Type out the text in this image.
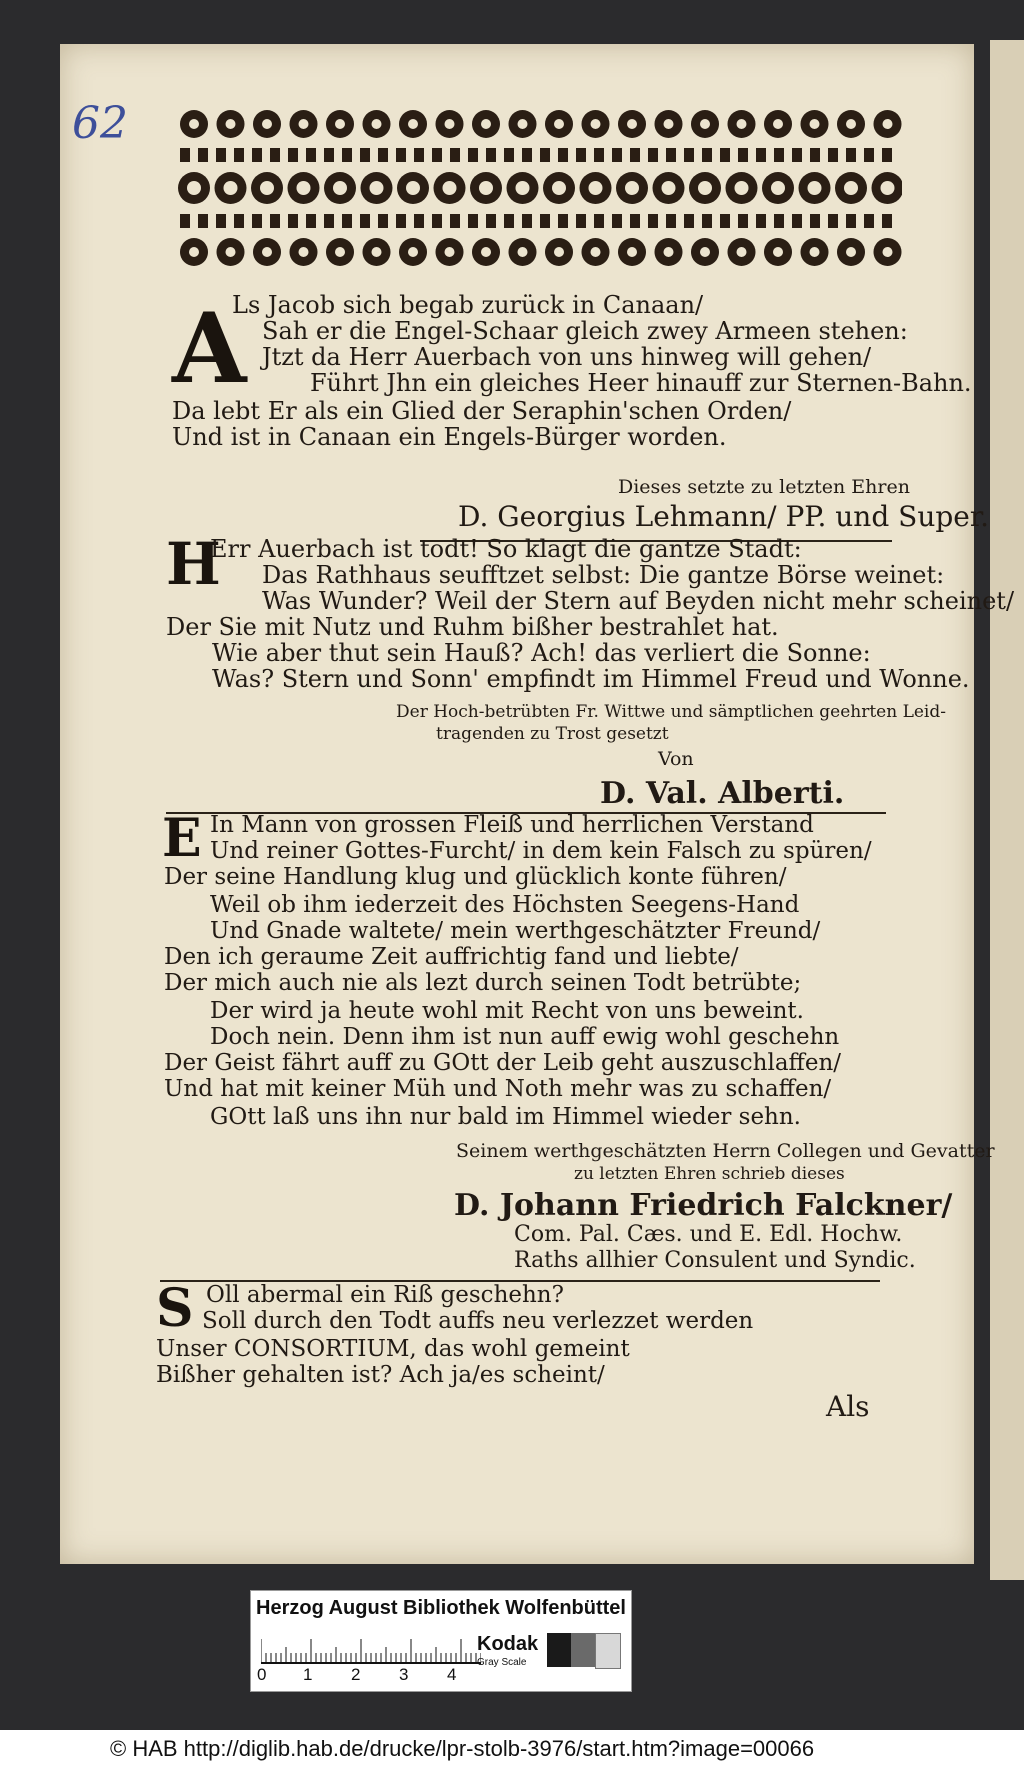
62
A
Ls Jacob sich begab zurück in Canaan/
Sah er die Engel-Schaar gleich zwey Armeen stehen:
Jtzt da Herr Auerbach von uns hinweg will gehen/
Führt Jhn ein gleiches Heer hinauff zur Sternen-Bahn.
Da lebt Er als ein Glied der Seraphin'schen Orden/
Und ist in Canaan ein Engels-Bürger worden.
Dieses setzte zu letzten Ehren
D. Georgius Lehmann/ PP. und Super.
H
Err Auerbach ist todt! So klagt die gantze Stadt:
Das Rathhaus seufftzet selbst: Die gantze Börse weinet:
Was Wunder? Weil der Stern auf Beyden nicht mehr scheinet/
Der Sie mit Nutz und Ruhm bißher bestrahlet hat.
Wie aber thut sein Hauß? Ach! das verliert die Sonne:
Was? Stern und Sonn' empfindt im Himmel Freud und Wonne.
Der Hoch-betrübten Fr. Wittwe und sämptlichen geehrten Leid-
tragenden zu Trost gesetzt
Von
D. Val. Alberti.
E In Mann von grossen Fleiß und herrlichen Verstand
Und reiner Gottes-Furcht/ in dem kein Falsch zu spüren/
Der seine Handlung klug und glücklich konte führen/
Weil ob ihm iederzeit des Höchsten Seegens-Hand
Und Gnade waltete/ mein werthgeschätzter Freund/
Den ich geraume Zeit auffrichtig fand und liebte/
Der mich auch nie als lezt durch seinen Todt betrübte;
Der wird ja heute wohl mit Recht von uns beweint.
Doch nein. Denn ihm ist nun auff ewig wohl geschehn
Der Geist fährt auff zu GOtt der Leib geht auszuschlaffen/
Und hat mit keiner Müh und Noth mehr was zu schaffen/
GOtt laß uns ihn nur bald im Himmel wieder sehn.
Seinem werthgeschätzten Herrn Collegen und Gevatter
zu letzten Ehren schrieb dieses
D. Johann Friedrich Falckner/
Com. Pal. Cæs. und E. Edl. Hochw.
Raths allhier Consulent und Syndic.
S Oll abermal ein Riß geschehn?
Soll durch den Todt auffs neu verlezzet werden
Unser CONSORTIUM, das wohl gemeint
Bißher gehalten ist? Ach ja/es scheint/
Als
Herzog August Bibliothek Wolfenbüttel
0 1 2 3 4
Kodak
Gray Scale
© HAB http://diglib.hab.de/drucke/lpr-stolb-3976/start.htm?image=00066
